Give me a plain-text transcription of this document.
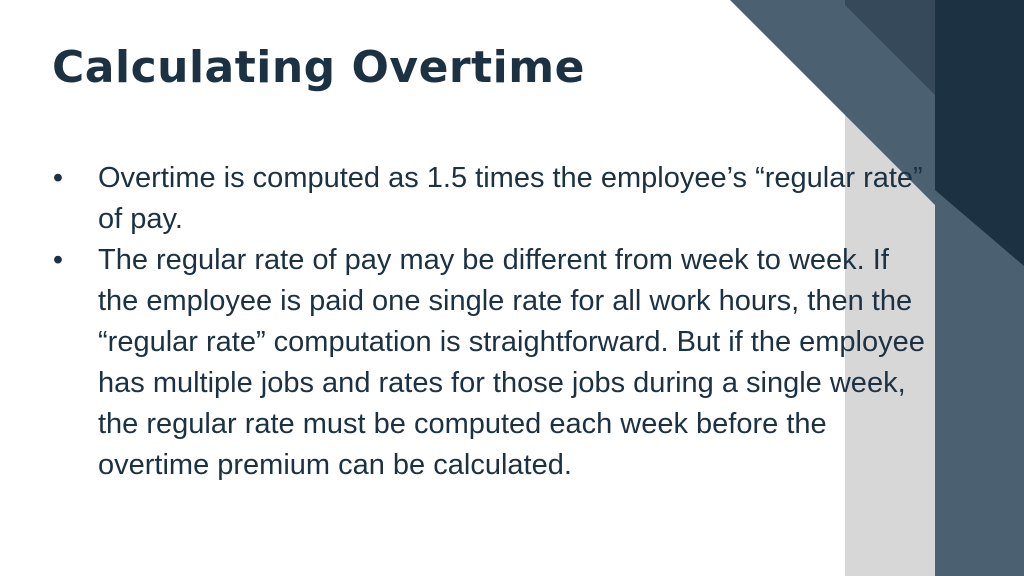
Calculating Overtime
• Overtime is computed as 1.5 times the employee’s “regular rate” of pay.
• The regular rate of pay may be different from week to week. If the employee is paid one single rate for all work hours, then the “regular rate” computation is straightforward. But if the employee has multiple jobs and rates for those jobs during a single week, the regular rate must be computed each week before the overtime premium can be calculated.
